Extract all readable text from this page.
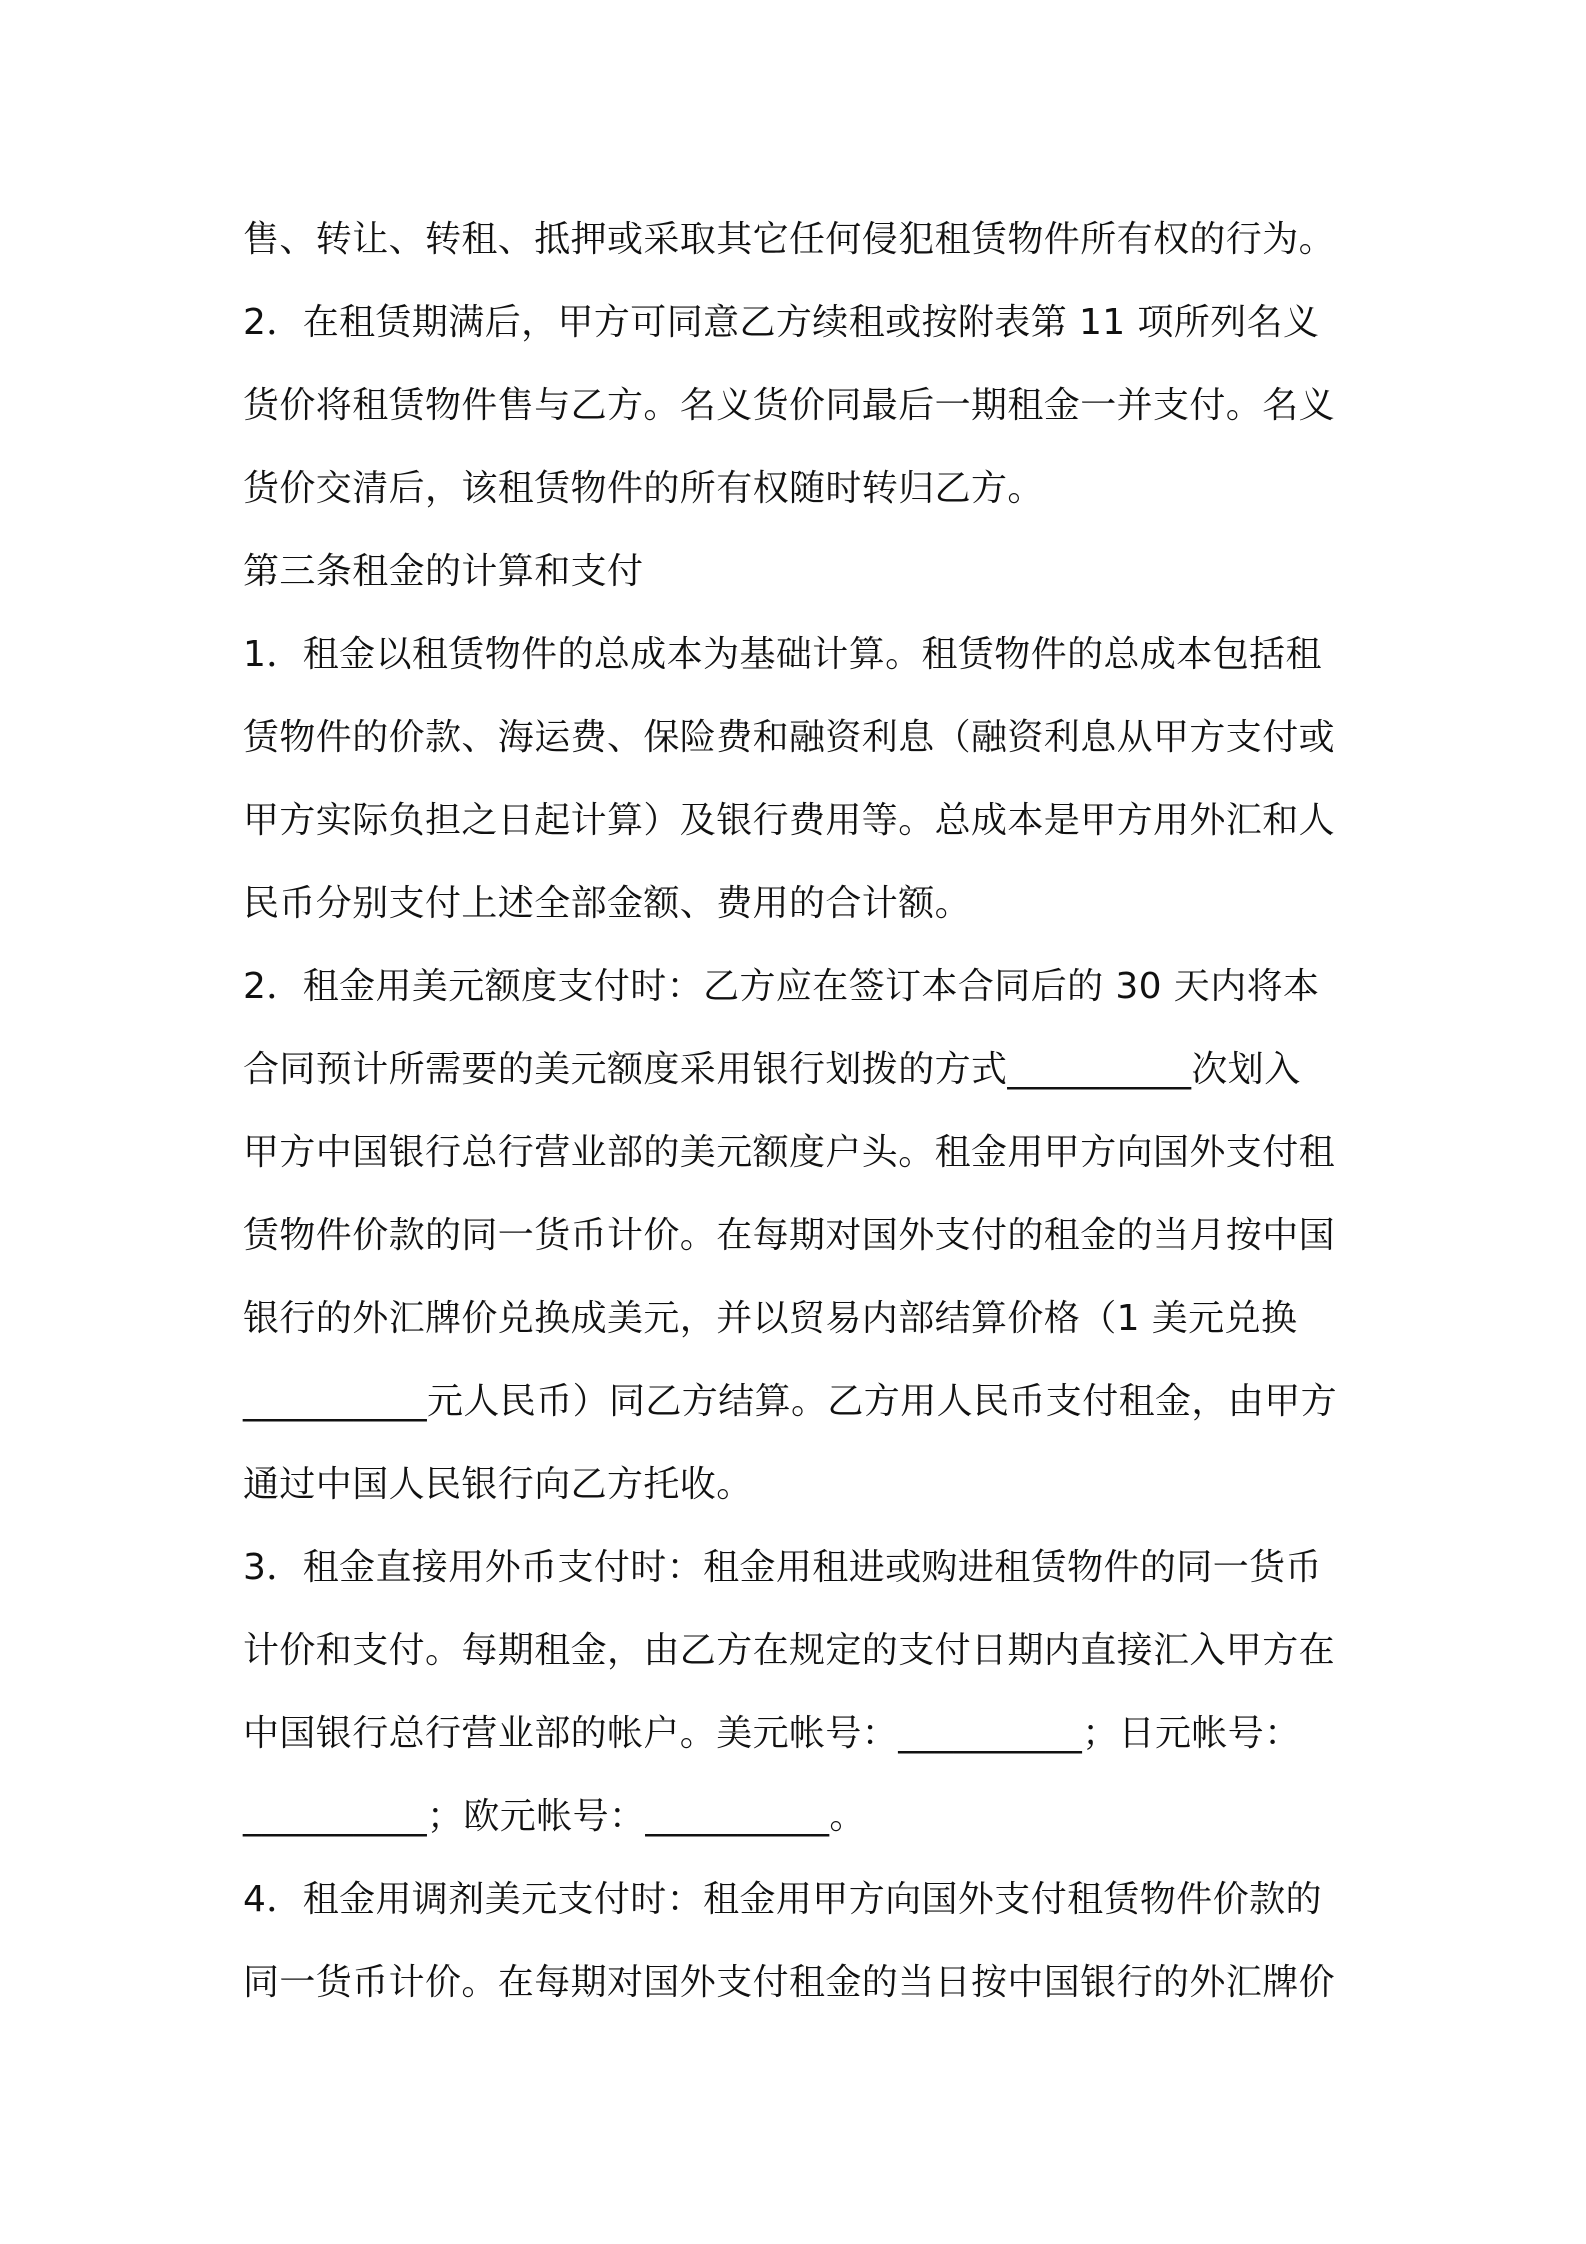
售、转让、转租、抵押或采取其它任何侵犯租赁物件所有权的行为。
2．在租赁期满后，甲方可同意乙方续租或按附表第 11 项所列名义
货价将租赁物件售与乙方。名义货价同最后一期租金一并支付。名义
货价交清后，该租赁物件的所有权随时转归乙方。
第三条租金的计算和支付
1．租金以租赁物件的总成本为基础计算。租赁物件的总成本包括租
赁物件的价款、海运费、保险费和融资利息（融资利息从甲方支付或
甲方实际负担之日起计算）及银行费用等。总成本是甲方用外汇和人
民币分别支付上述全部金额、费用的合计额。
2．租金用美元额度支付时：乙方应在签订本合同后的 30 天内将本
合同预计所需要的美元额度采用银行划拨的方式__________次划入
甲方中国银行总行营业部的美元额度户头。租金用甲方向国外支付租
赁物件价款的同一货币计价。在每期对国外支付的租金的当月按中国
银行的外汇牌价兑换成美元，并以贸易内部结算价格（1 美元兑换
__________元人民币）同乙方结算。乙方用人民币支付租金，由甲方
通过中国人民银行向乙方托收。
3．租金直接用外币支付时：租金用租进或购进租赁物件的同一货币
计价和支付。每期租金，由乙方在规定的支付日期内直接汇入甲方在
中国银行总行营业部的帐户。美元帐号：__________；日元帐号：
__________；欧元帐号：__________。
4．租金用调剂美元支付时：租金用甲方向国外支付租赁物件价款的
同一货币计价。在每期对国外支付租金的当日按中国银行的外汇牌价
